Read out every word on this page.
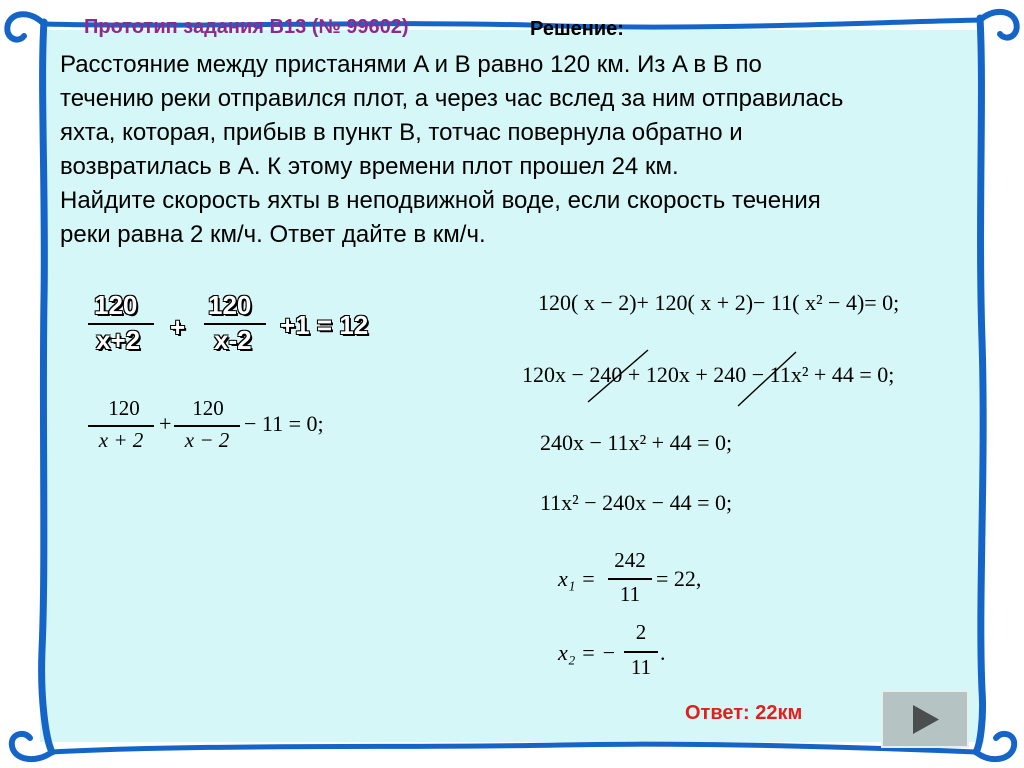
Прототип задания B13 (№ 99602)	Решение:
Расстояние между пристанями A и B равно 120 км. Из A в B по
течению реки отправился плот, а через час вслед за ним отправилась
яхта, которая, прибыв в пункт B, тотчас повернула обратно и
возвратилась в A. К этому времени плот прошел 24 км.
Найдите скорость яхты в неподвижной воде, если скорость течения
реки равна 2 км/ч. Ответ дайте в км/ч.
120
x+2 +
120
x-2 +1 = 12
120
x + 2
+
120
x − 2
− 11 = 0;
120( x − 2)+ 120( x + 2)− 11( x² − 4)= 0;
120x − 240 + 120x + 240 − 11x² + 44 = 0;
240x − 11x² + 44 = 0;
11x² − 240x − 44 = 0;
x₁ =
242
11
= 22,
x₂ = −
2
11
.
Ответ: 22км
